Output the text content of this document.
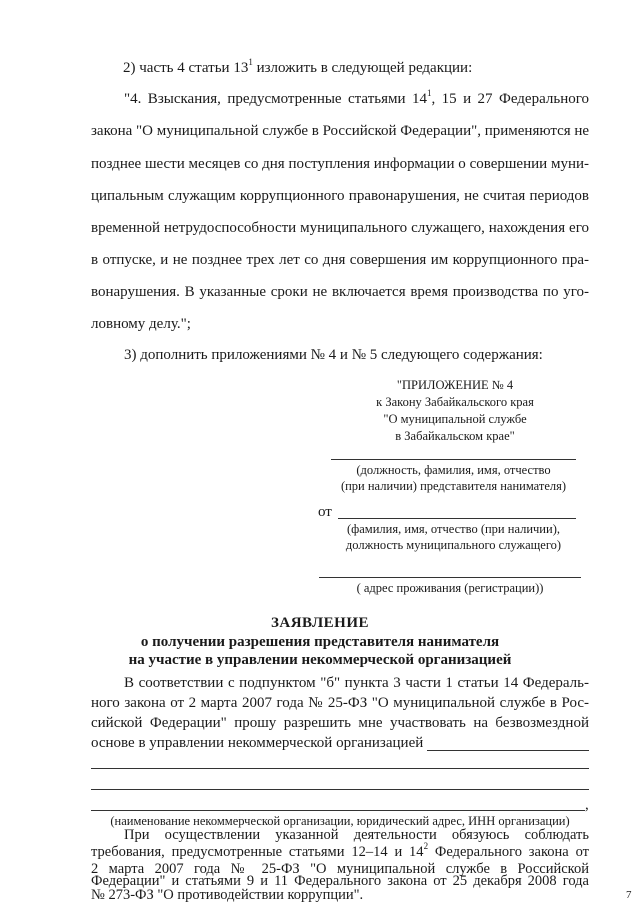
2) часть 4 статьи $13^1$ изложить в следующей редакции:
"4. Взыскания, предусмотренные статьями $14^1$, 15 и 27 Федерального
закона "О муниципальной службе в Российской Федерации", применяются не
позднее шести месяцев со дня поступления информации о совершении муни-
ципальным служащим коррупционного правонарушения, не считая периодов
временной нетрудоспособности муниципального служащего, нахождения его
в отпуске, и не позднее трех лет со дня совершения им коррупционного пра-
вонарушения. В указанные сроки не включается время производства по уго-
ловному делу.";
3) дополнить приложениями № 4 и № 5 следующего содержания:
"ПРИЛОЖЕНИЕ № 4
к Закону Забайкальского края
"О муниципальной службе
в Забайкальском крае"
(должность, фамилия, имя, отчество
(при наличии) представителя нанимателя)
от
(фамилия, имя, отчество (при наличии),
должность муниципального служащего)
( адрес проживания (регистрации))
ЗАЯВЛЕНИЕ
о получении разрешения представителя нанимателя
на участие в управлении некоммерческой организацией
В соответствии с подпунктом "б" пункта 3 части 1 статьи 14 Федераль-
ного закона от 2 марта 2007 года № 25-ФЗ "О муниципальной службе в Рос-
сийской Федерации" прошу разрешить мне участвовать на безвозмездной
основе в управлении некоммерческой организацией
,
(наименование некоммерческой организации, юридический адрес, ИНН организации)
При осуществлении указанной деятельности обязуюсь соблюдать
требования, предусмотренные статьями 12–14 и $14^2$ Федерального закона от
2 марта 2007 года № 25-ФЗ "О муниципальной службе в Российской
Федерации" и статьями 9 и 11 Федерального закона от 25 декабря 2008 года
№ 273-ФЗ "О противодействии коррупции".	7
